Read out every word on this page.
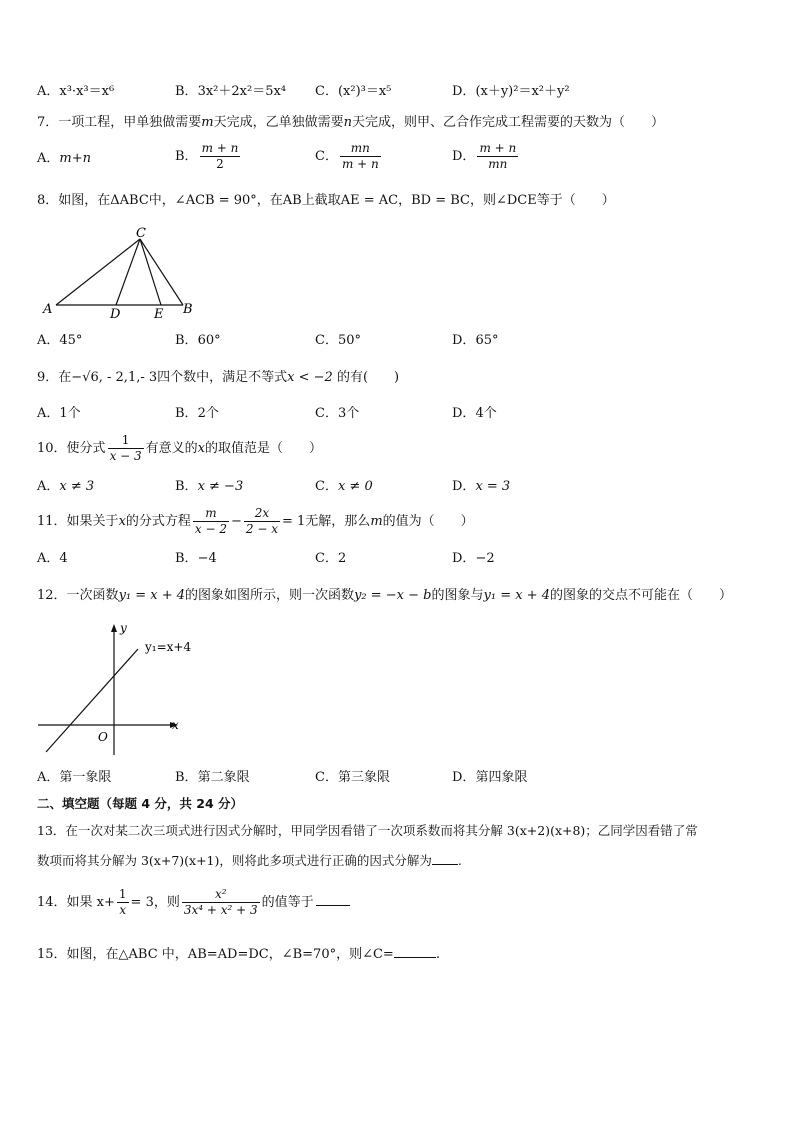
A．x³·x³＝x⁶	B．3x²＋2x²＝5x⁴ C．(x²)³＝x⁵	D．(x＋y)²＝x²＋y²
7．一项工程，甲单独做需要m天完成，乙单独做需要n天完成，则甲、乙合作完成工程需要的天数为（　　）
A．m+n	B． $\frac{m + n}{2}$	C． $\frac{mn}{m + n}$	D． $\frac{m + n}{mn}$
8．如图，在ΔABC中，∠ACB = 90°，在AB上截取AE = AC，BD = BC，则∠DCE等于（　　）
C
A	D	E B
A．45°	B．60°	C．50°	D．65°
9．在−√6, - 2,1,- 3四个数中，满足不等式x < −2 的有(　　)
A．1个	B．2个	C．3个	D．4个
10．使分式 $\frac{1}{x - 3}$ 有意义的x的取值范是（　　）
A．x ≠ 3	B．x ≠ −3	C．x ≠ 0	D．x = 3
11．如果关于x的分式方程 $\frac{m}{x - 2} - \frac{2x}{2 - x} = 1$无解，那么m的值为（　　）
A．4	B．−4	C．2	D．−2
12．一次函数y₁ = x + 4的图象如图所示，则一次函数y₂ = −x − b的图象与y₁ = x + 4的图象的交点不可能在（　　）
y
x
O
y₁=x+4
A．第一象限	B．第二象限	C．第三象限	D．第四象限
二、填空题（每题 4 分，共 24 分）
13．在一次对某二次三项式进行因式分解时，甲同学因看错了一次项系数而将其分解 3(x+2)(x+8)；乙同学因看错了常
数项而将其分解为 3(x+7)(x+1)，则将此多项式进行正确的因式分解为 .
14．如果 $x+ \frac{1}{x} = 3$，则 $\frac{\text{x²}}{\text{3x⁴ + x² + 3}}$ 的值等于
15．如图，在△ABC 中，AB=AD=DC，∠B=70°，则∠C=	.
